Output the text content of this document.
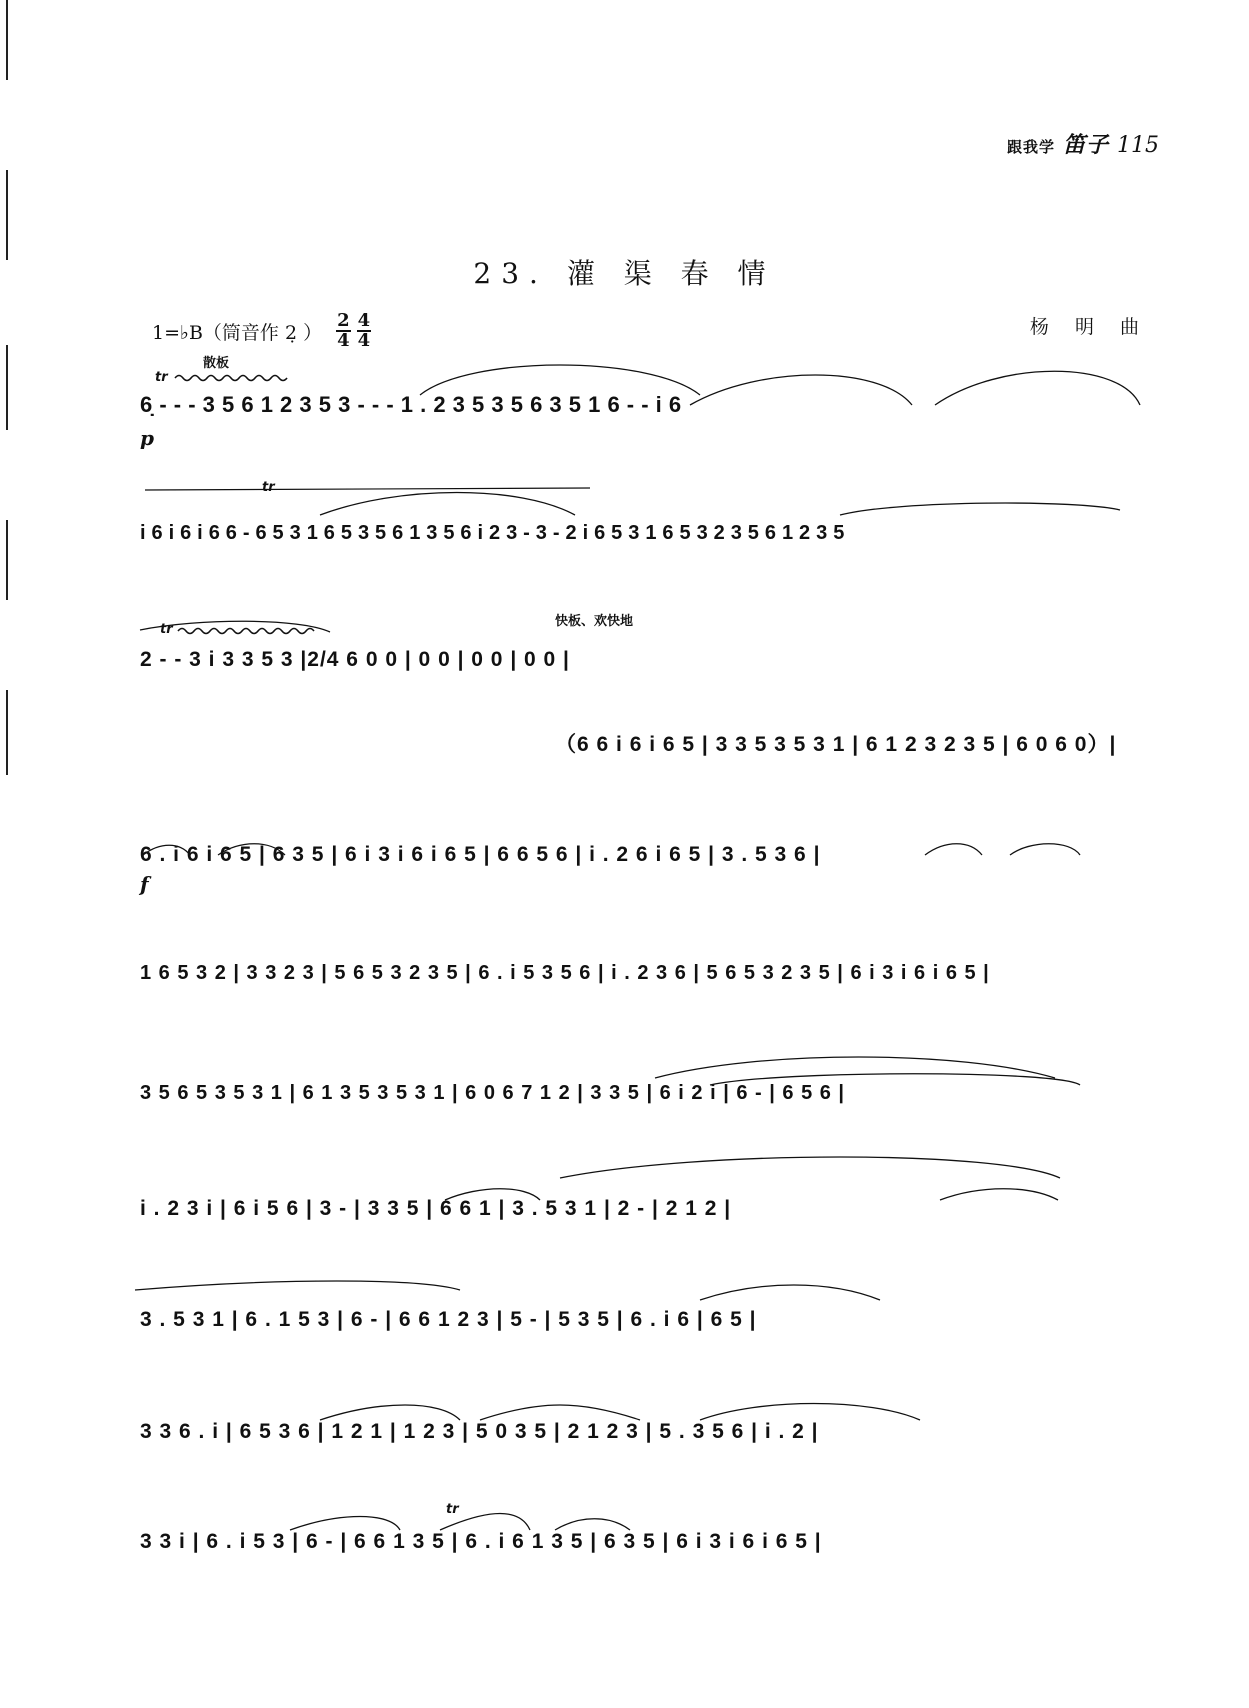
跟我学 笛子 115
23. 灌 渠 春 情
1=♭B（筒音作 2̣ ） $\frac{2}{4} \frac{4}{4}$	杨 明 曲
散板
快板、欢快地
tr
tr
tr
tr
p
f
6̣ - - - 3 5 6 1 2 3 5 3 - - - 1 . 2 3 5 3 5 6 3 5 1 6 - - i 6
i 6 i 6 i 6 6 - 6 5 3 1 6 5 3 5 6 1 3 5 6 i 2 3 - 3 - 2 i 6 5 3 1 6 5 3 2 3 5 6 1 2 3 5
2 - - 3 i 3 3 5 3 |2/4 6 0 0 | 0 0 | 0 0 | 0 0 |
（6 6 i 6 i 6 5 | 3 3 5 3 5 3 1 | 6 1 2 3 2 3 5 | 6 0 6 0）|
6 . i 6 i 6 5 | 6 3 5 | 6 i 3 i 6 i 6 5 | 6 6 5 6 | i . 2 6 i 6 5 | 3 . 5 3 6 |
1 6 5 3 2 | 3 3 2 3 | 5 6 5 3 2 3 5 | 6 . i 5 3 5 6 | i . 2 3 6 | 5 6 5 3 2 3 5 | 6 i 3 i 6 i 6 5 |
3 5 6 5 3 5 3 1 | 6 1 3 5 3 5 3 1 | 6 0 6 7 1 2 | 3 3 5 | 6 i 2 i | 6 - | 6 5 6 |
i . 2 3 i | 6 i 5 6 | 3 - | 3 3 5 | 6 6 1 | 3 . 5 3 1 | 2 - | 2 1 2 |
3 . 5 3 1 | 6 . 1 5 3 | 6 - | 6 6 1 2 3 | 5 - | 5 3 5 | 6 . i 6 | 6 5 |
3 3 6 . i | 6 5 3 6 | 1 2 1 | 1 2 3 | 5 0 3 5 | 2 1 2 3 | 5 . 3 5 6 | i . 2 |
3 3 i | 6 . i 5 3 | 6 - | 6 6 1 3 5 | 6 . i 6 1 3 5 | 6 3 5 | 6 i 3 i 6 i 6 5 |
